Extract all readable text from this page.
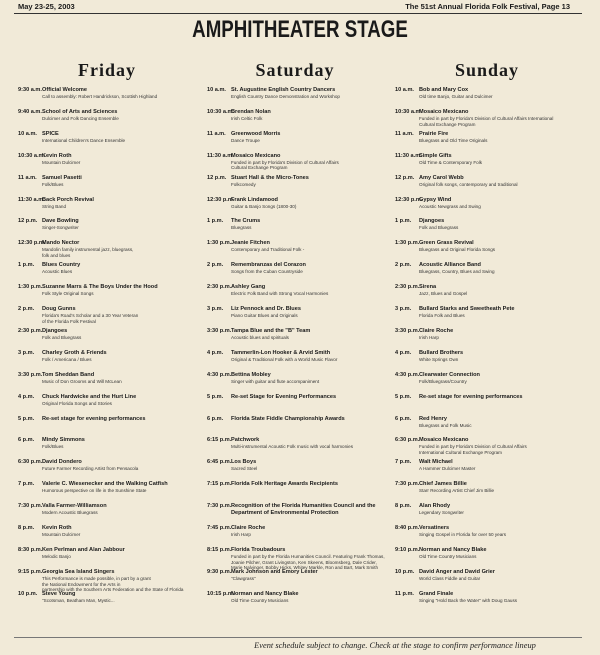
May 23-25, 2003	The 51st Annual Florida Folk Festival, Page 13
AMPHITHEATER STAGE
Friday	Saturday	Sunday
9:30 a.m. Official Welcome
Call to assembly: Robert Handrickson, Scottish Highland
9:40 a.m. School of Arts and Sciences
Dulcimer and Folk Dancing Ensemble
10 a.m. SPICE
International Children's Dance Ensemble
10:30 a.m.
Kevin Roth
Mountain Dulcimer
11 a.m. Samuel Pasetti
Folk/Blues
11:30 a.m.
Back Porch Revival
String Band
12 p.m. Dave Bowling
Singer-Songwriter
12:30 p.m.
Mando Nector
Mandolin family instrumental jazz, bluegrass,
folk and blues
1 p.m.	Blues Country
Acoustic Blues
1:30 p.m. Suzanne Marrs & The Boys Under the Hood
Folk Style Original Songs
2 p.m.	Doug Gunns
Florida's Road's Scholar and a 30 Year Veteran
of the Florida Folk Festival
2:30 p.m. Djangoes
Folk and Bluegrass
3 p.m.	Charley Groth & Friends
Folk / Americana / Blues
3:30 p.m. Tom Sheddan Band
Music of Don Grooms and Will McLean
4 p.m.	Chuck Hardwicke and the Hurt Line
Original Florida Songs and Stories
5 p.m.	Re-set stage for evening performances
6 p.m.	Mindy Simmons
Folk/Blues
6:30 p.m. David Dondero
Future Farmer Recording Artist from Pensacola
7 p.m.	Valerie C. Wiesenecker and the Walking Catfish
Humorous perspective on life in the Sunshine State
7:30 p.m. Valla Farmer-Williamson
Modern Acoustic Bluegrass
8 p.m.	Kevin Roth
Mountain Dulcimer
8:30 p.m. Ken Perlman and Alan Jabbour
Melodic Banjo
9:15 p.m. Georgia Sea Island Singers
This Performance is made possible, in part by a grant
the National Endowment for the Arts in
partnership with the Southern Arts Federation and the State of Florida
10 p.m. Steve Young
"Scotsman, Beatham Man, Mystic...
10 a.m. St. Augustine English Country Dancers
English Country Dance Demonstration and Workshop
10:30 a.m.
Brendan Nolan
Irish Celtic Folk
11 a.m. Greenwood Morris
Dance Troupe
11:30 a.m.
Mosaico Mexicano
Funded in part by Florida's Division of Cultural Affairs
Cultural Exchange Program
12 p.m. Stuart Hall & the Micro-Tones
Folkcomedy
12:30 p.m.
Frank Lindamood
Guitar & Banjo Songs (1800-30)
1 p.m.	The Crums
Bluegrass
1:30 p.m. Jeanie Fitchen
Contemporary and Traditional Folk -
2 p.m.	Remembranzas del Corazon
Songs from the Cuban Countryside
2:30 p.m. Ashley Gang
Electric Folk Band with Strong Vocal Harmonies
3 p.m.	Liz Pennock and Dr. Blues
Piano Guitar Blues and Originals
3:30 p.m. Tampa Blue and the "B" Team
Acoustic blues and spirituals
4 p.m.	Tammerlin-Lon Hooker & Arvid Smith
Original & Traditional Folk with a World Music Flavor
4:30 p.m. Bettina Mobley
Singer with guitar and flute accompaniment
5 p.m.	Re-set Stage for Evening Performances
6 p.m.	Florida State Fiddle Championship Awards
6:15 p.m. Patchwork
Multi-instrumental Acoustic Folk music with vocal harmonies
6:45 p.m. Los Boys
Sacred Steel
7:15 p.m. Florida Folk Heritage Awards Recipients
7:30 p.m. Recognition of the Florida Humanities Council and the Department of Environmental Protection
7:45 p.m. Claire Roche
Irish Harp
8:15 p.m. Florida Troubadours
Funded in part by the Florida Humanities Council. Featuring Frank Thomas,
Joanie Pilcher, Grant Livingston, Ken Skeens, Bloomsberg, Dale Crider,
Marie Nalvinger, Bobby Hicks, Whitey Markle, Ron and Bart, Mark Smith
9:30 p.m. Mark Johnson and Emory Lester
"Clawgrass"
10:15 p.m.
Norman and Nancy Blake
Old Time Country Musicians
10 a.m. Bob and Mary Cox
Old time Banjo, Guitar and Dulcimer
10:30 a.m.
Mosaico Mexicano
Funded in part by Florida's Division of Cultural Affairs International
Cultural Exchange Program
11 a.m. Prairie Fire
Bluegrass and Old Time Originals
11:30 a.m.
Simple Gifts
Old Time & Contemporary Folk
12 p.m. Amy Carol Webb
Original folk songs, contemporary and traditional
12:30 p.m.
Gypsy Wind
Acoustic Newgrass and Swing
1 p.m.	Djangoes
Folk and Bluegrass
1:30 p.m. Green Grass Revival
Bluegrass and Original Florida Songs
2 p.m.	Acoustic Alliance Band
Bluegrass, Country, Blues and Swing
2:30 p.m. Sirena
Jazz, Blues and Gospel
3 p.m.	Bullard Starks and Sweetheath Pete
Florida Folk and Blues
3:30 p.m. Claire Roche
Irish Harp
4 p.m.	Bullard Brothers
White Springs Own
4:30 p.m. Clearwater Connection
Folk/Bluegrass/Country
5 p.m.	Re-set stage for evening performances
6 p.m.	Red Henry
Bluegrass and Folk Music
6:30 p.m. Mosaico Mexicano
Funded in part by Florida's Division of Cultural Affairs
International Cultural Exchange Program
7 p.m.	Walt Michael
A Hammer Dulcimer Master
7:30 p.m. Chief James Billie
Starr Recording Artist Chief Jim Billie
8 p.m.	Alan Rhody
Legendary Songwriter
8:40 p.m. Versatiners
Singing Gospel in Florida for over 50 years
9:10 p.m. Norman and Nancy Blake
Old Time Country Musicians
10 p.m. David Anger and David Grier
World Class Fiddle and Guitar
11 p.m. Grand Finale
Singing "Hold Back the Water" with Doug Gauss
Event schedule subject to change. Check at the stage to confirm performance lineup
